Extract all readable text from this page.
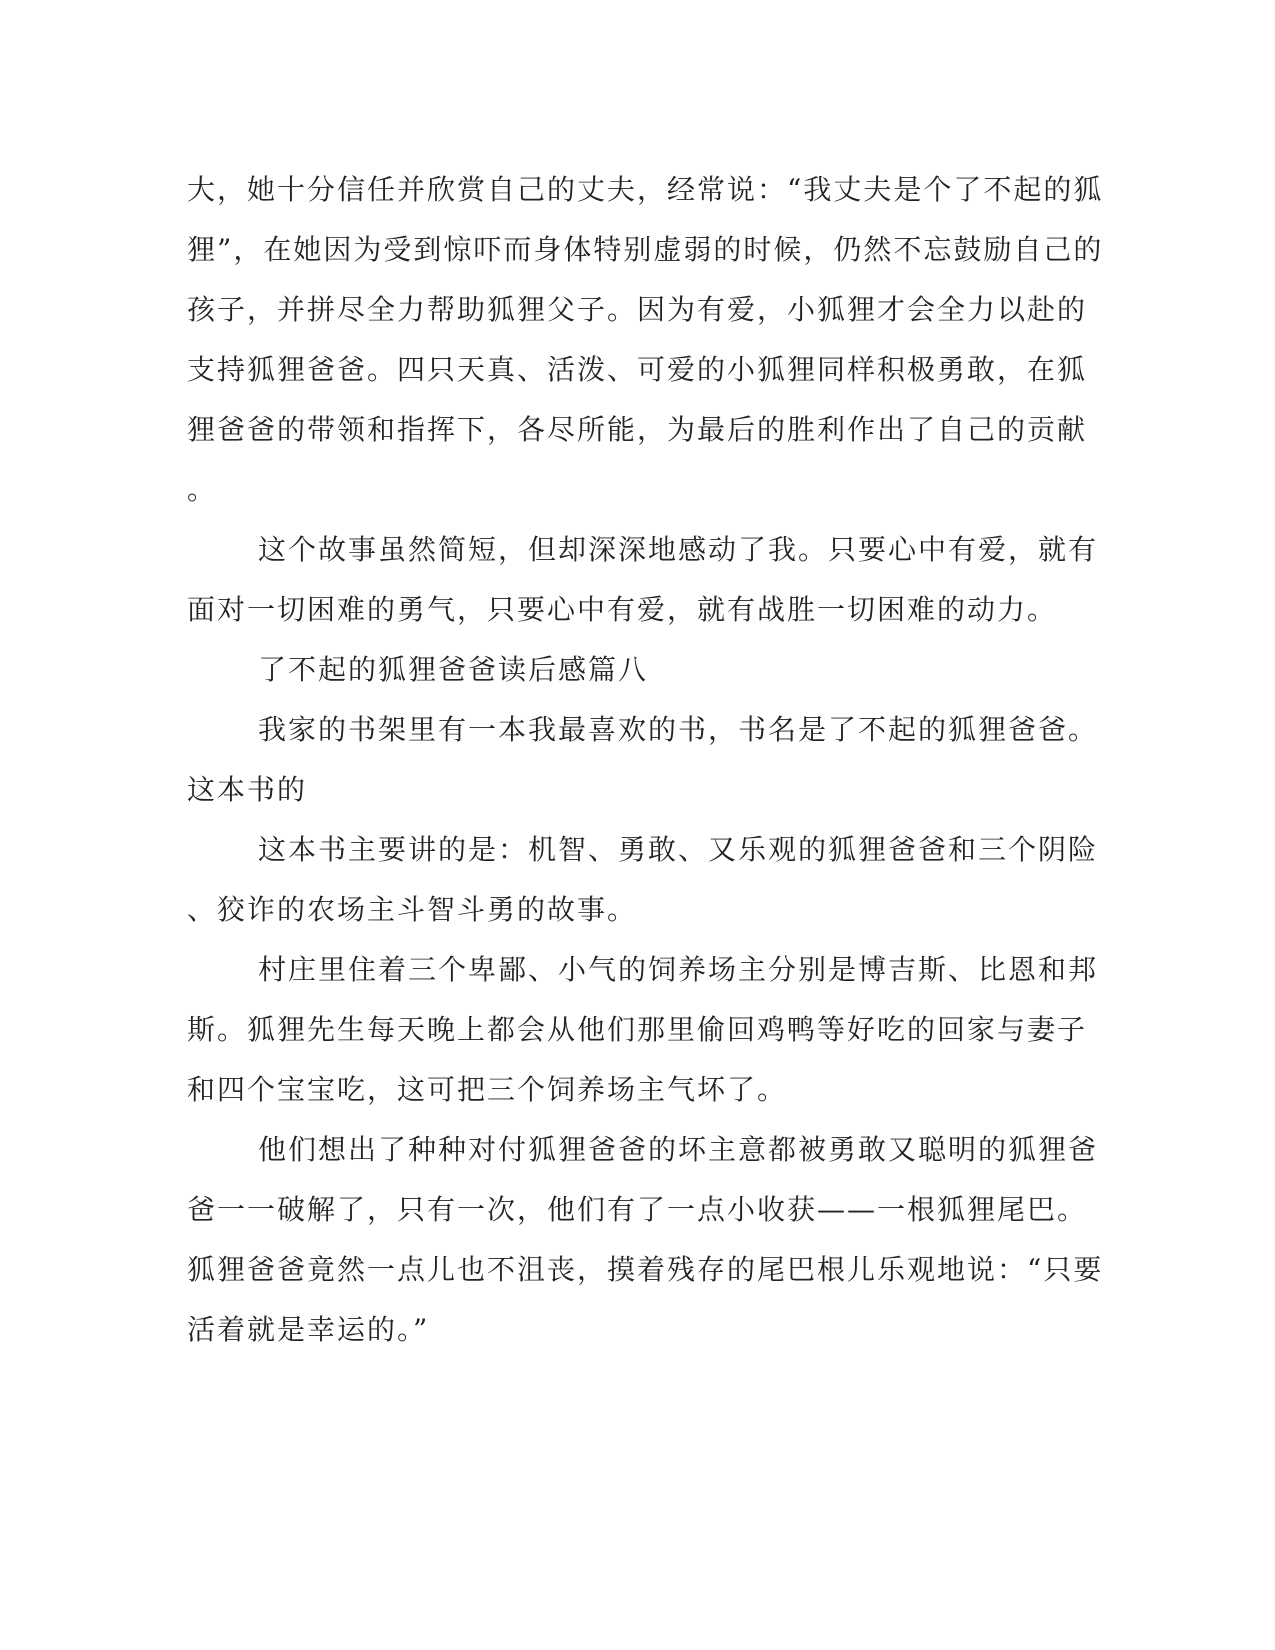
大，她十分信任并欣赏自己的丈夫，经常说：“我丈夫是个了不起的狐
狸”，在她因为受到惊吓而身体特别虚弱的时候，仍然不忘鼓励自己的
孩子，并拼尽全力帮助狐狸父子。因为有爱，小狐狸才会全力以赴的
支持狐狸爸爸。四只天真、活泼、可爱的小狐狸同样积极勇敢，在狐
狸爸爸的带领和指挥下，各尽所能，为最后的胜利作出了自己的贡献
。
这个故事虽然简短，但却深深地感动了我。只要心中有爱，就有
面对一切困难的勇气，只要心中有爱，就有战胜一切困难的动力。
了不起的狐狸爸爸读后感篇八
我家的书架里有一本我最喜欢的书，书名是了不起的狐狸爸爸。
这本书的
这本书主要讲的是：机智、勇敢、又乐观的狐狸爸爸和三个阴险
、狡诈的农场主斗智斗勇的故事。
村庄里住着三个卑鄙、小气的饲养场主分别是博吉斯、比恩和邦
斯。狐狸先生每天晚上都会从他们那里偷回鸡鸭等好吃的回家与妻子
和四个宝宝吃，这可把三个饲养场主气坏了。
他们想出了种种对付狐狸爸爸的坏主意都被勇敢又聪明的狐狸爸
爸一一破解了，只有一次，他们有了一点小收获——一根狐狸尾巴。
狐狸爸爸竟然一点儿也不沮丧，摸着残存的尾巴根儿乐观地说：“只要
活着就是幸运的。”
